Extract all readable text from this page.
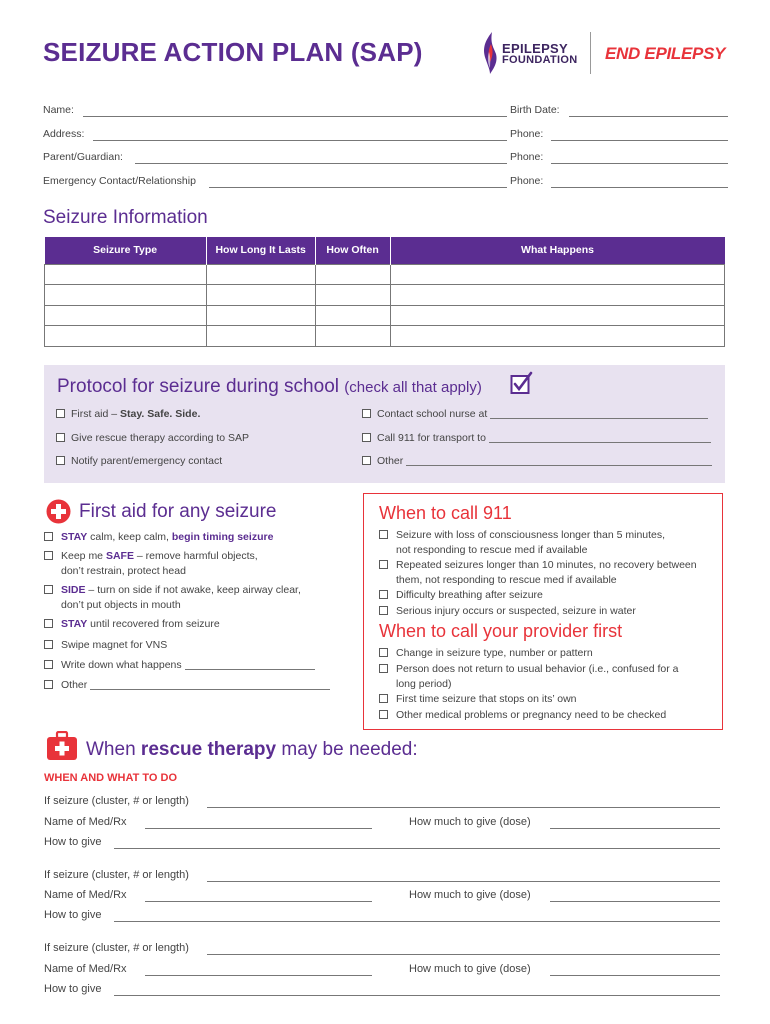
SEIZURE ACTION PLAN (SAP)	EPILEPSY
FOUNDATION END EPILEPSY
Name:	Birth Date:
Address:	Phone:
Parent/Guardian:	Phone:
Emergency Contact/Relationship	Phone:
Seizure Information
Seizure Type	How Long It Lasts	How Often	What Happens

Protocol for seizure during school (check all that apply)
First aid – Stay. Safe. Side.	Contact school nurse at
Give rescue therapy according to SAP	Call 911 for transport to
Notify parent/emergency contact	Other
First aid for any seizure
STAY calm, keep calm, begin timing seizure
Keep me SAFE – remove harmful objects,
don’t restrain, protect head
SIDE – turn on side if not awake, keep airway clear,
don’t put objects in mouth
STAY until recovered from seizure
Swipe magnet for VNS
Write down what happens
Other
When to call 911
Seizure with loss of consciousness longer than 5 minutes,
not responding to rescue med if available
Repeated seizures longer than 10 minutes, no recovery between
them, not responding to rescue med if available
Difficulty breathing after seizure
Serious injury occurs or suspected, seizure in water
When to call your provider first
Change in seizure type, number or pattern
Person does not return to usual behavior (i.e., confused for a
long period)
First time seizure that stops on its’ own
Other medical problems or pregnancy need to be checked
When rescue therapy may be needed:
WHEN AND WHAT TO DO
If seizure (cluster, # or length)
Name of Med/Rx	How much to give (dose)
How to give
If seizure (cluster, # or length)
Name of Med/Rx	How much to give (dose)
How to give
If seizure (cluster, # or length)
Name of Med/Rx	How much to give (dose)
How to give
